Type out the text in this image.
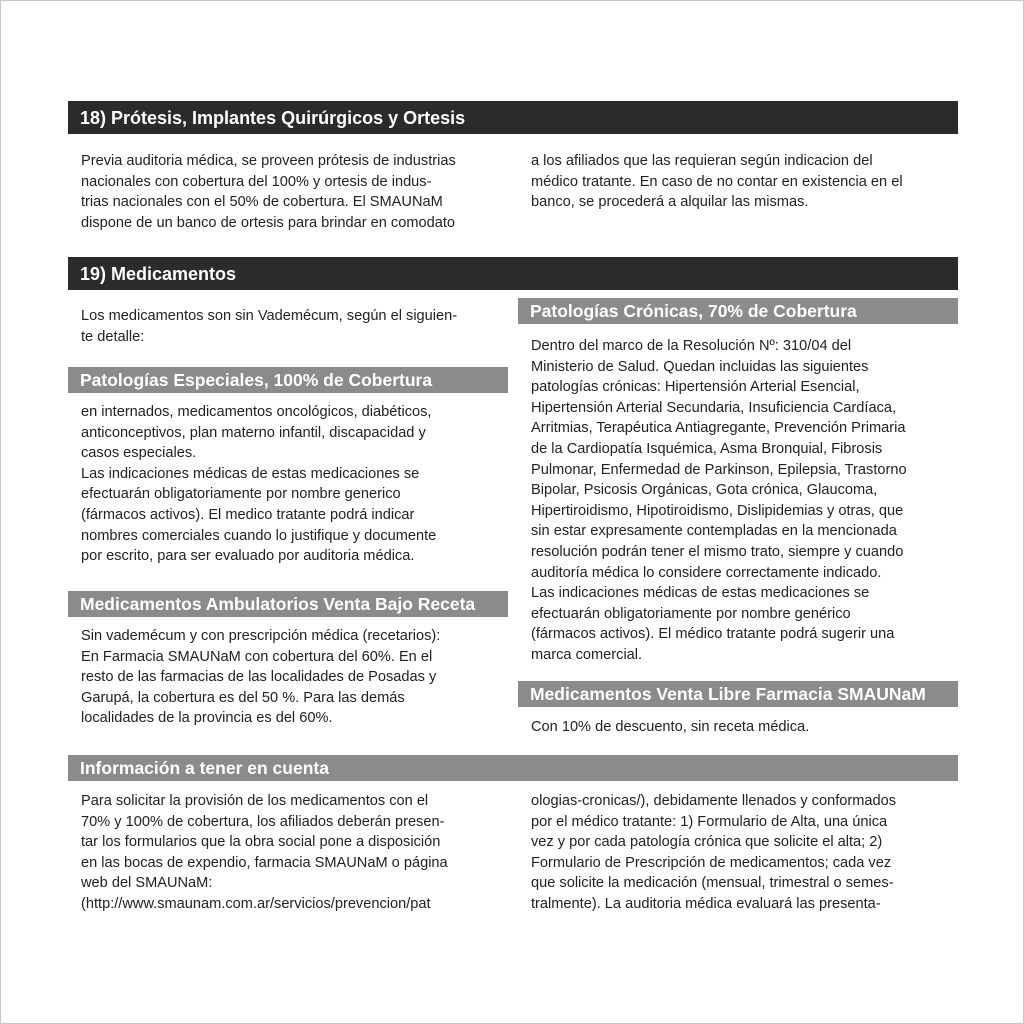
18) Prótesis, Implantes Quirúrgicos y Ortesis
Previa auditoria médica, se proveen prótesis de industrias
nacionales con cobertura del 100% y ortesis de indus-
trias nacionales con el 50% de cobertura. El SMAUNaM
dispone de un banco de ortesis para brindar en comodato
a los afiliados que las requieran según indicacion del
médico tratante. En caso de no contar en existencia en el
banco, se procederá a alquilar las mismas.
19) Medicamentos
Los medicamentos son sin Vademécum, según el siguien-
te detalle:
Patologías Especiales, 100% de Cobertura
en internados, medicamentos oncológicos, diabéticos,
anticonceptivos, plan materno infantil, discapacidad y
casos especiales.
Las indicaciones médicas de estas medicaciones se
efectuarán obligatoriamente por nombre generico
(fármacos activos). El medico tratante podrá indicar
nombres comerciales cuando lo justifique y documente
por escrito, para ser evaluado por auditoria médica.
Medicamentos Ambulatorios Venta Bajo Receta
Sin vademécum y con prescripción médica (recetarios):
En Farmacia SMAUNaM con cobertura del 60%. En el
resto de las farmacias de las localidades de Posadas y
Garupá, la cobertura es del 50 %. Para las demás
localidades de la provincia es del 60%.
Patologías Crónicas, 70% de Cobertura
Dentro del marco de la Resolución Nº: 310/04 del
Ministerio de Salud. Quedan incluidas las siguientes
patologías crónicas: Hipertensión Arterial Esencial,
Hipertensión Arterial Secundaria, Insuficiencia Cardíaca,
Arritmias, Terapéutica Antiagregante, Prevención Primaria
de la Cardiopatía Isquémica, Asma Bronquial, Fibrosis
Pulmonar, Enfermedad de Parkinson, Epilepsia, Trastorno
Bipolar, Psicosis Orgánicas, Gota crónica, Glaucoma,
Hipertiroidismo, Hipotiroidismo, Dislipidemias y otras, que
sin estar expresamente contempladas en la mencionada
resolución podrán tener el mismo trato, siempre y cuando
auditoría médica lo considere correctamente indicado.
Las indicaciones médicas de estas medicaciones se
efectuarán obligatoriamente por nombre genérico
(fármacos activos). El médico tratante podrá sugerir una
marca comercial.
Medicamentos Venta Libre Farmacia SMAUNaM
Con 10% de descuento, sin receta médica.
Información a tener en cuenta
Para solicitar la provisión de los medicamentos con el
70% y 100% de cobertura, los afiliados deberán presen-
tar los formularios que la obra social pone a disposición
en las bocas de expendio, farmacia SMAUNaM o página
web del SMAUNaM:
(http://www.smaunam.com.ar/servicios/prevencion/pat
ologias-cronicas/), debidamente llenados y conformados
por el médico tratante: 1) Formulario de Alta, una única
vez y por cada patología crónica que solicite el alta; 2)
Formulario de Prescripción de medicamentos; cada vez
que solicite la medicación (mensual, trimestral o semes-
tralmente). La auditoria médica evaluará las presenta-
